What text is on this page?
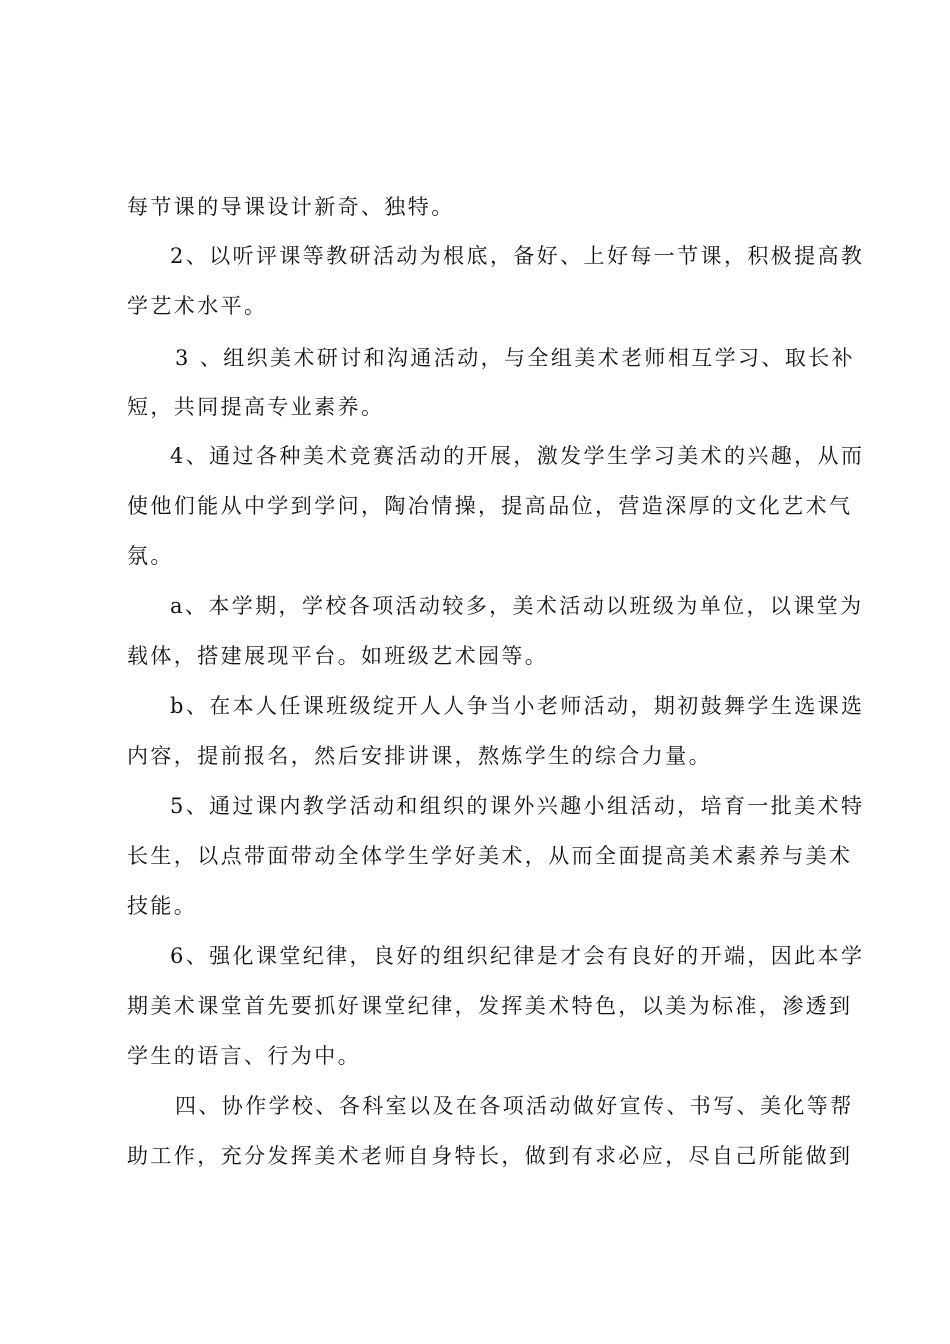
每节课的导课设计新奇、独特。
2、以听评课等教研活动为根底，备好、上好每一节课，积极提高教
学艺术水平。
3 、组织美术研讨和沟通活动，与全组美术老师相互学习、取长补
短，共同提高专业素养。
4、通过各种美术竞赛活动的开展，激发学生学习美术的兴趣，从而
使他们能从中学到学问，陶冶情操，提高品位，营造深厚的文化艺术气
氛。
a、本学期，学校各项活动较多，美术活动以班级为单位，以课堂为
载体，搭建展现平台。如班级艺术园等。
b、在本人任课班级绽开人人争当小老师活动，期初鼓舞学生选课选
内容，提前报名，然后安排讲课，熬炼学生的综合力量。
5、通过课内教学活动和组织的课外兴趣小组活动，培育一批美术特
长生，以点带面带动全体学生学好美术，从而全面提高美术素养与美术
技能。
6、强化课堂纪律，良好的组织纪律是才会有良好的开端，因此本学
期美术课堂首先要抓好课堂纪律，发挥美术特色，以美为标准，渗透到
学生的语言、行为中。
四、协作学校、各科室以及在各项活动做好宣传、书写、美化等帮
助工作，充分发挥美术老师自身特长，做到有求必应，尽自己所能做到
